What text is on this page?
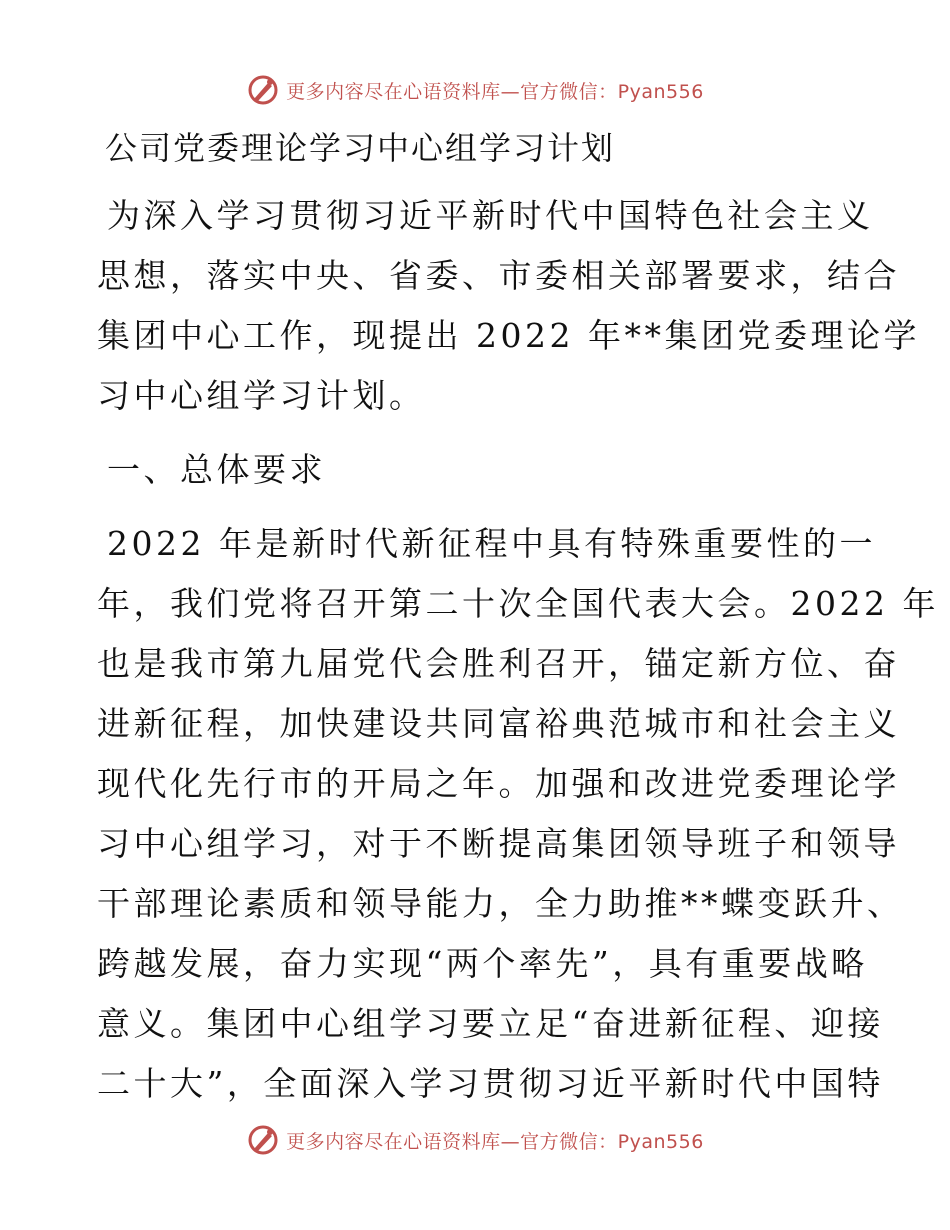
更多内容尽在心语资料库—官方微信：Pyan556
公司党委理论学习中心组学习计划
为深入学习贯彻习近平新时代中国特色社会主义
思想，落实中央、省委、市委相关部署要求，结合
集团中心工作，现提出 2022 年**集团党委理论学
习中心组学习计划。
一、总体要求
2022 年是新时代新征程中具有特殊重要性的一
年，我们党将召开第二十次全国代表大会。2022 年
也是我市第九届党代会胜利召开，锚定新方位、奋
进新征程，加快建设共同富裕典范城市和社会主义
现代化先行市的开局之年。加强和改进党委理论学
习中心组学习，对于不断提高集团领导班子和领导
干部理论素质和领导能力，全力助推**蝶变跃升、
跨越发展，奋力实现“两个率先”，具有重要战略
意义。集团中心组学习要立足“奋进新征程、迎接
二十大”，全面深入学习贯彻习近平新时代中国特
更多内容尽在心语资料库—官方微信：Pyan556
